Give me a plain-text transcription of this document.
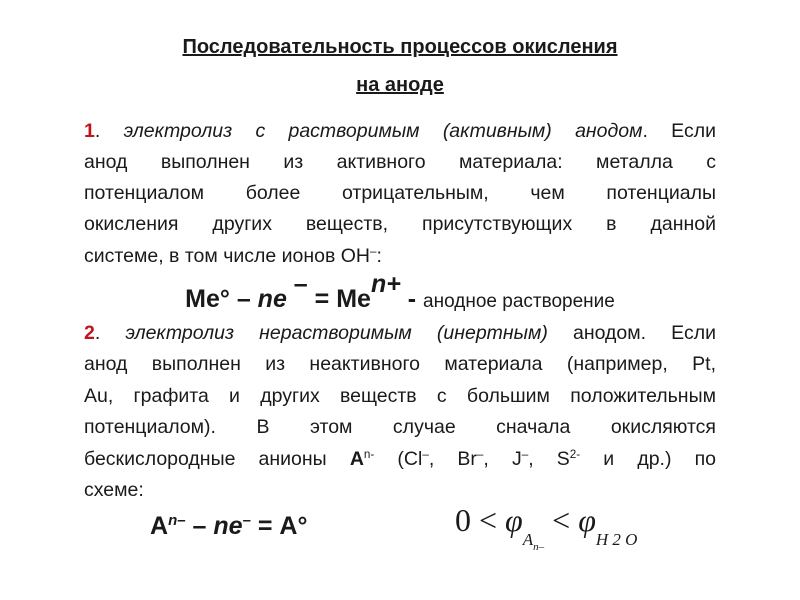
Последовательность процессов окисления
на аноде
1. электролиз с растворимым (активным) анодом. Если
анод выполнен из активного материала: металла с
потенциалом более отрицательным, чем потенциалы
окисления других веществ, присутствующих в данной
системе, в том числе ионов ОН–:
Ме° – ne $^- = Ме^{n+}$ - анодное растворение
2. электролиз нерастворимым (инертным) анодом. Если
анод выполнен из неактивного материала (например, Pt,
Au, графита и других веществ с большим положительным
потенциалом). В этом случае сначала окисляются
бескислородные анионы $А^{n-}$ (Cl–, Br–, J–, $S^{2-}$ и др.) по
схеме:
$А^{n-} - ne^- = А^\circ$	$0 < \varphi_{A_{n-}} < \varphi_{H 2 O}$
